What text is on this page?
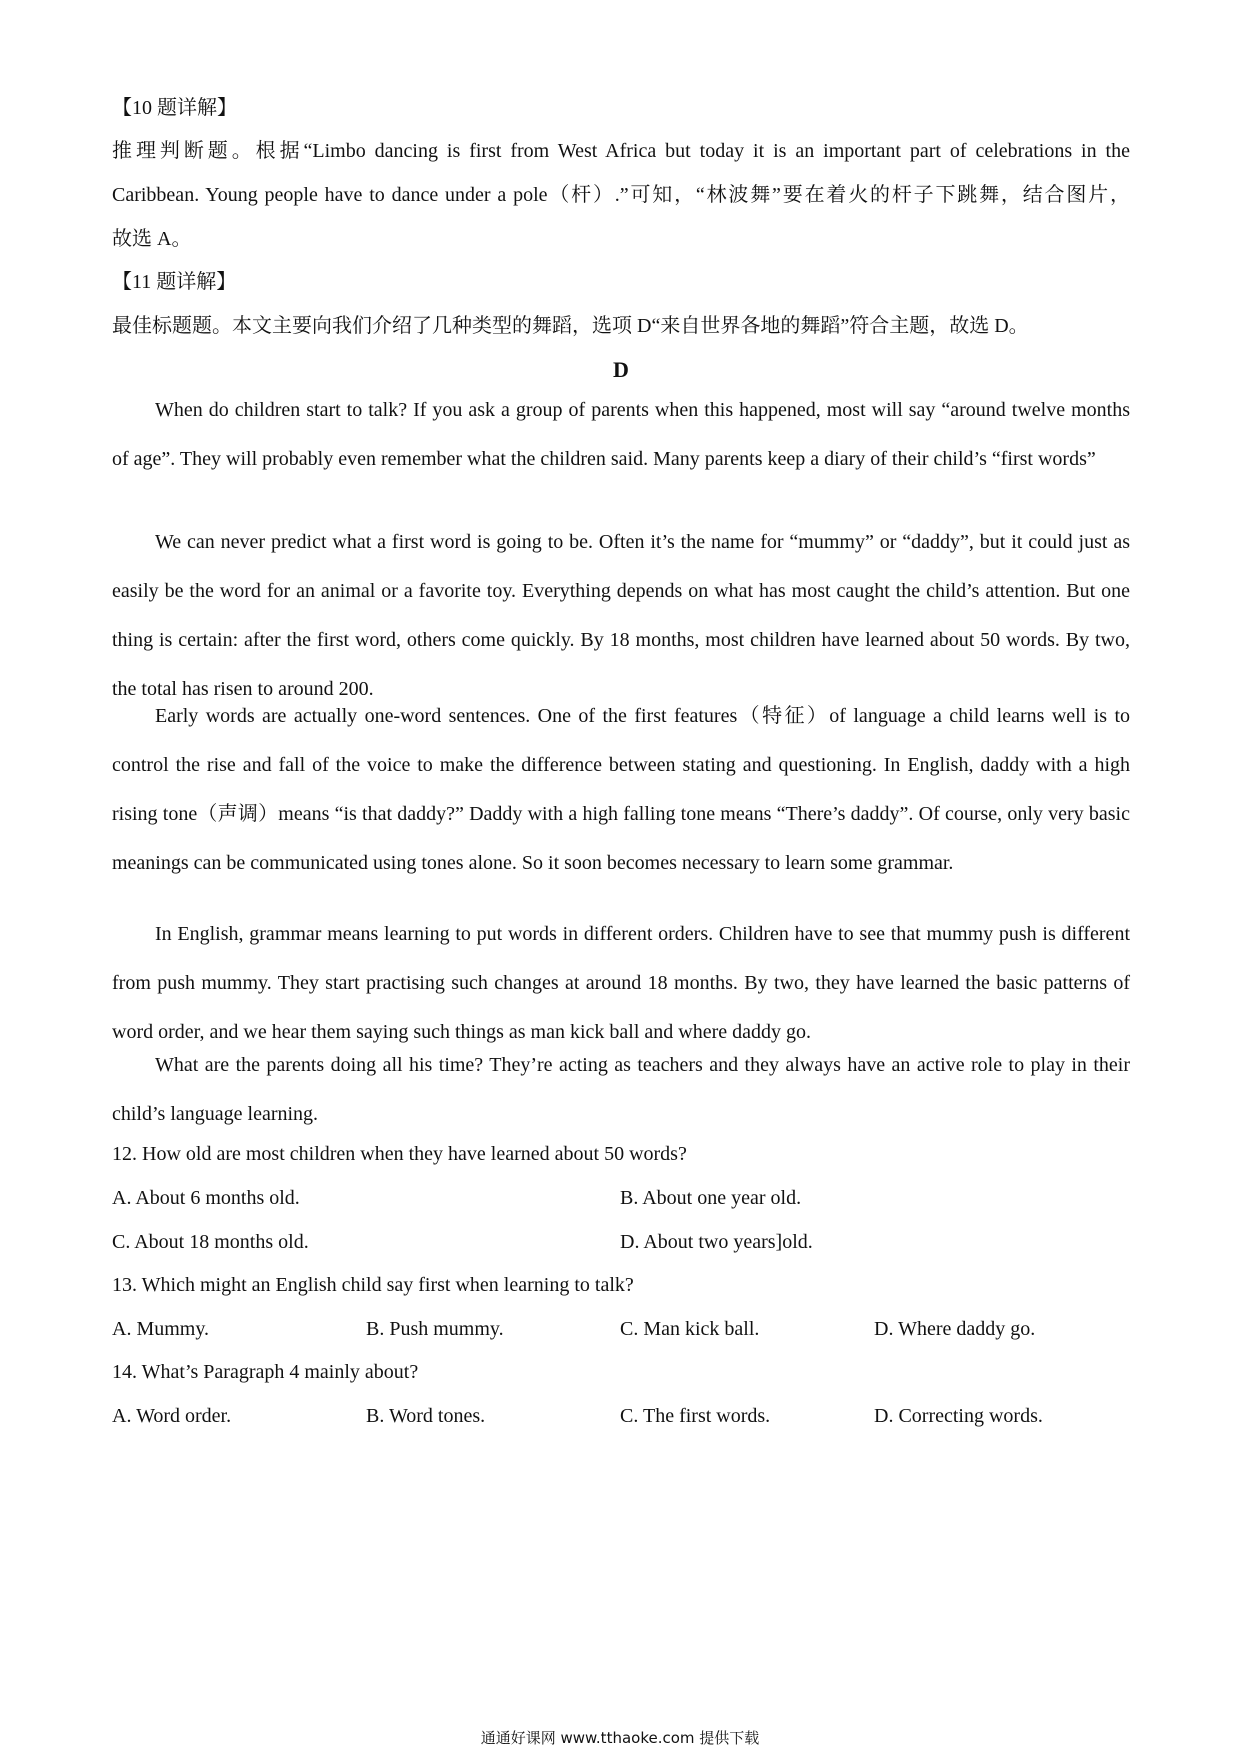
【10 题详解】
推理判断题。根据“Limbo dancing is first from West Africa but today it is an important part of celebrations in the
Caribbean. Young people have to dance under a pole（杆）.”可知，“林波舞”要在着火的杆子下跳舞，结合图片，
故选 A。
【11 题详解】
最佳标题题。本文主要向我们介绍了几种类型的舞蹈，选项 D“来自世界各地的舞蹈”符合主题，故选 D。
D
When do children start to talk? If you ask a group of parents when this happened, most will say “around twelve months of age”. They will probably even remember what the children said. Many parents keep a diary of their child’s “first words”
We can never predict what a first word is going to be. Often it’s the name for “mummy” or “daddy”, but it could just as easily be the word for an animal or a favorite toy. Everything depends on what has most caught the child’s attention. But one thing is certain: after the first word, others come quickly. By 18 months, most children have learned about 50 words. By two, the total has risen to around 200.
Early words are actually one-word sentences. One of the first features（特征）of language a child learns well is to control the rise and fall of the voice to make the difference between stating and questioning. In English, daddy with a high rising tone（声调）means “is that daddy?” Daddy with a high falling tone means “There’s daddy”. Of course, only very basic meanings can be communicated using tones alone. So it soon becomes necessary to learn some grammar.
In English, grammar means learning to put words in different orders. Children have to see that mummy push is different from push mummy. They start practising such changes at around 18 months. By two, they have learned the basic patterns of word order, and we hear them saying such things as man kick ball and where daddy go.
What are the parents doing all his time? They’re acting as teachers and they always have an active role to play in their child’s language learning.
12. How old are most children when they have learned about 50 words?
A. About 6 months old.	B. About one year old.
C. About 18 months old.	D. About two years]old.
13. Which might an English child say first when learning to talk?
A. Mummy.	B. Push mummy.	C. Man kick ball.	D. Where daddy go.
14. What’s Paragraph 4 mainly about?
A. Word order.	B. Word tones.	C. The first words.	D. Correcting words.
通通好课网 www.tthaoke.com 提供下载
